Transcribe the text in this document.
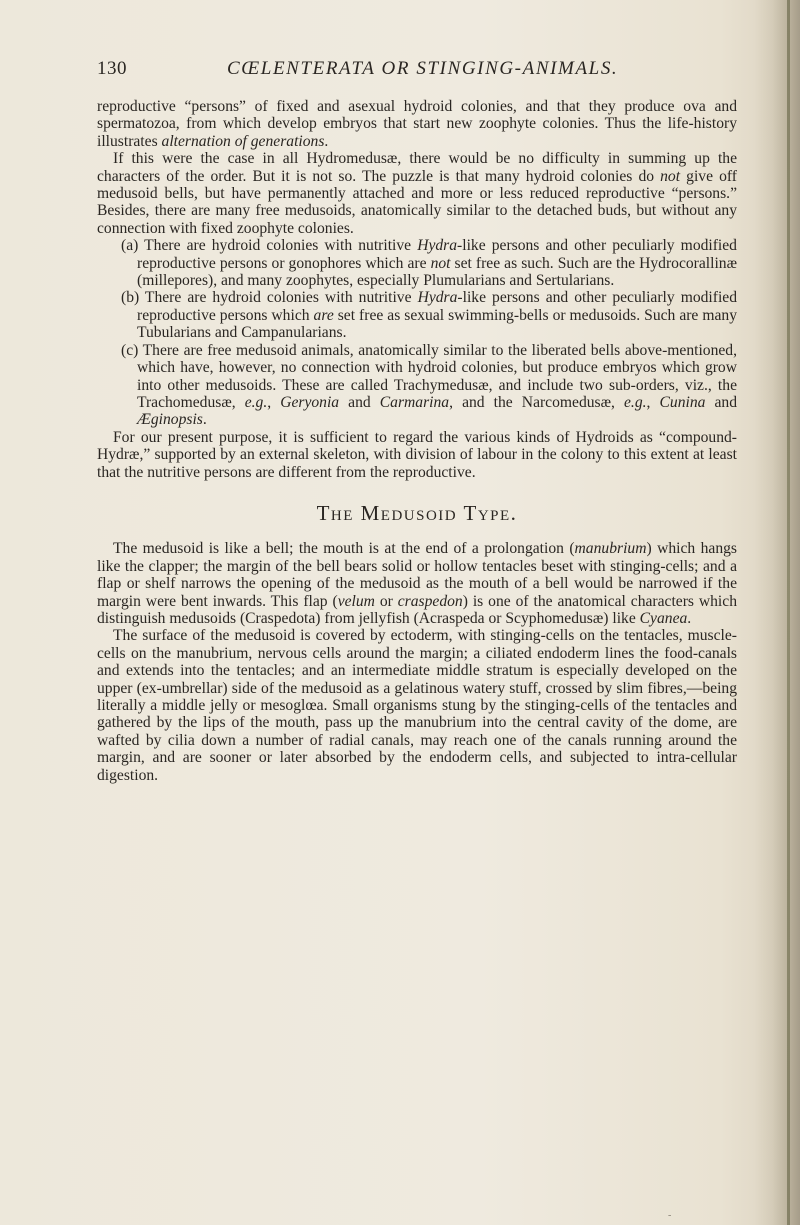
130	CŒLENTERATA OR STINGING-ANIMALS.

reproductive “persons” of fixed and asexual hydroid colonies, and that they produce ova and spermatozoa, from which develop embryos that start new zoophyte colonies. Thus the life-history illustrates alternation of generations.

If this were the case in all Hydromedusæ, there would be no difficulty in summing up the characters of the order. But it is not so. The puzzle is that many hydroid colonies do not give off medusoid bells, but have permanently attached and more or less reduced reproductive “persons.” Besides, there are many free medusoids, anatomically similar to the detached buds, but without any connection with fixed zoophyte colonies.

(a) There are hydroid colonies with nutritive Hydra-like persons and other peculiarly modified reproductive persons or gonophores which are not set free as such. Such are the Hydrocorallinæ (millepores), and many zoophytes, especially Plumularians and Sertularians.

(b) There are hydroid colonies with nutritive Hydra-like persons and other peculiarly modified reproductive persons which are set free as sexual swimming-bells or medusoids. Such are many Tubularians and Campanularians.

(c) There are free medusoid animals, anatomically similar to the liberated bells above-mentioned, which have, however, no connection with hydroid colonies, but produce embryos which grow into other medusoids. These are called Trachymedusæ, and include two sub-orders, viz., the Trachomedusæ, e.g., Geryonia and Carmarina, and the Narcomedusæ, e.g., Cunina and Æginopsis.

For our present purpose, it is sufficient to regard the various kinds of Hydroids as “compound-Hydræ,” supported by an external skeleton, with division of labour in the colony to this extent at least that the nutritive persons are different from the reproductive.

The Medusoid Type.

The medusoid is like a bell; the mouth is at the end of a prolongation (manubrium) which hangs like the clapper; the margin of the bell bears solid or hollow tentacles beset with stinging-cells; and a flap or shelf narrows the opening of the medusoid as the mouth of a bell would be narrowed if the margin were bent inwards. This flap (velum or craspedon) is one of the anatomical characters which distinguish medusoids (Craspedota) from jellyfish (Acraspeda or Scyphomedusæ) like Cyanea.

The surface of the medusoid is covered by ectoderm, with stinging-cells on the tentacles, muscle-cells on the manubrium, nervous cells around the margin; a ciliated endoderm lines the food-canals and extends into the tentacles; and an intermediate middle stratum is especially developed on the upper (ex-umbrellar) side of the medusoid as a gelatinous watery stuff, crossed by slim fibres,—being literally a middle jelly or mesoglœa. Small organisms stung by the stinging-cells of the tentacles and gathered by the lips of the mouth, pass up the manubrium into the central cavity of the dome, are wafted by cilia down a number of radial canals, may reach one of the canals running around the margin, and are sooner or later absorbed by the endoderm cells, and subjected to intra-cellular digestion.

-
